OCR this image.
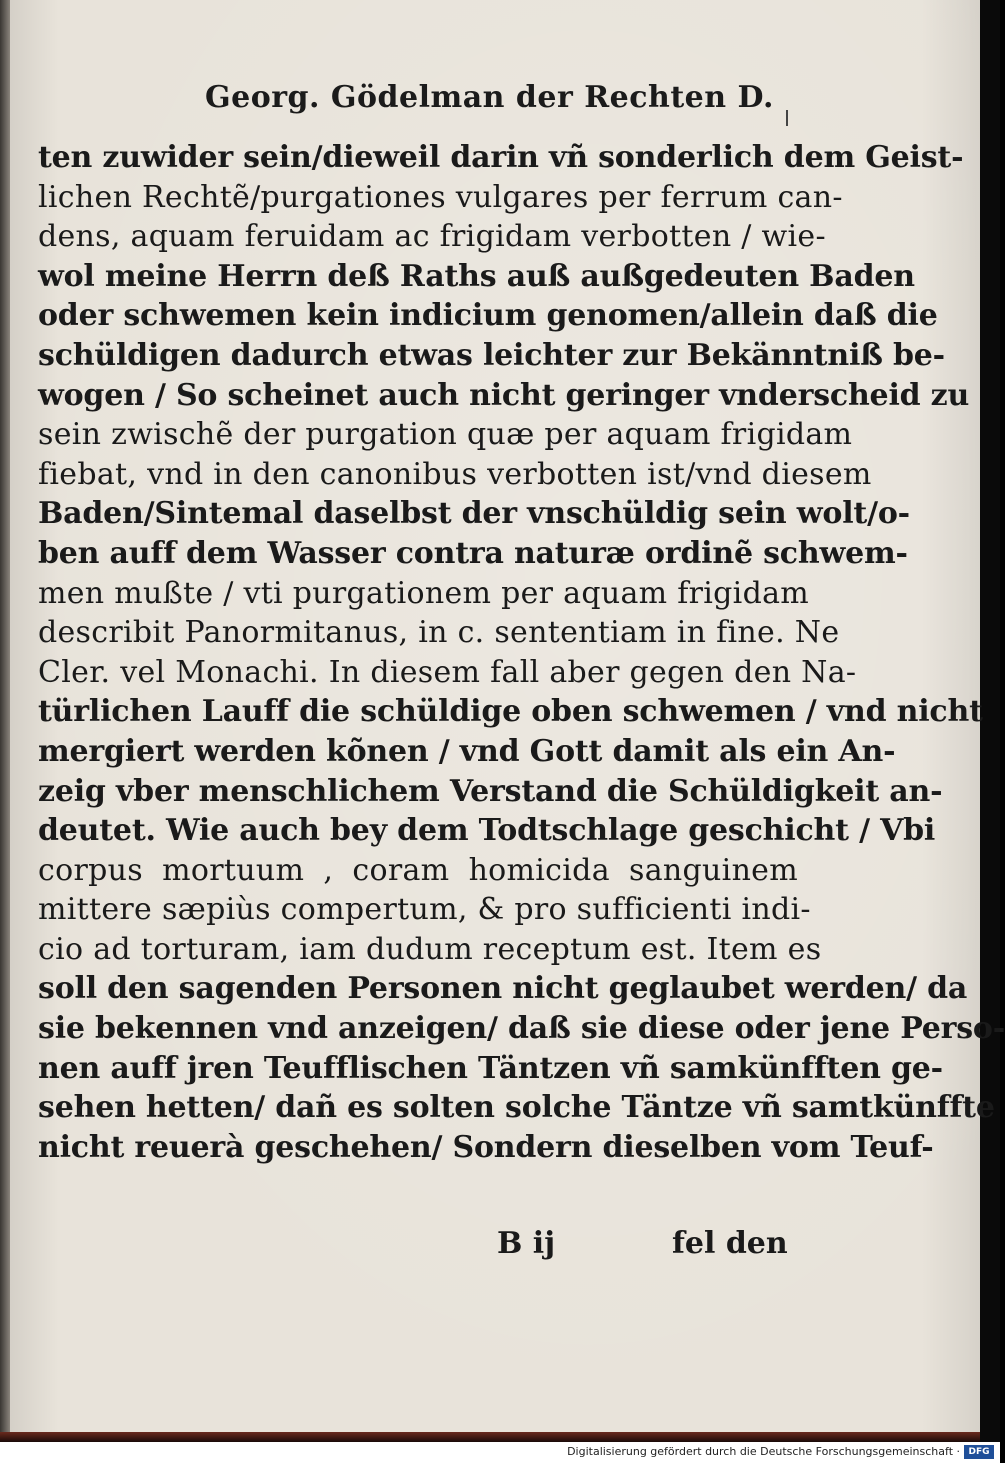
Georg. Gödelman der Rechten D.
ten zuwider sein/dieweil darin vñ sonderlich dem Geist-
lichen Rechtẽ/purgationes vulgares per ferrum can-
dens, aquam feruidam ac frigidam verbotten / wie-
wol meine Herrn deß Raths auß außgedeuten Baden
oder schwemen kein indicium genomen/allein daß die
schüldigen dadurch etwas leichter zur Bekänntniß be-
wogen / So scheinet auch nicht geringer vnderscheid zu
sein zwischẽ der purgation quæ per aquam frigidam
fiebat, vnd in den canonibus verbotten ist/vnd diesem
Baden/Sintemal daselbst der vnschüldig sein wolt/o-
ben auff dem Wasser contra naturæ ordinẽ schwem-
men mußte / vti purgationem per aquam frigidam
describit Panormitanus, in c. sententiam in fine. Ne
Cler. vel Monachi. In diesem fall aber gegen den Na-
türlichen Lauff die schüldige oben schwemen / vnd nicht
mergiert werden kõnen / vnd Gott damit als ein An-
zeig vber menschlichem Verstand die Schüldigkeit an-
deutet. Wie auch bey dem Todtschlage geschicht / Vbi
corpus mortuum , coram homicida sanguinem
mittere sæpiùs compertum, & pro sufficienti indi-
cio ad torturam, iam dudum receptum est. Item es
soll den sagenden Personen nicht geglaubet werden/ da
sie bekennen vnd anzeigen/ daß sie diese oder jene Perso-
nen auff jren Teufflischen Täntzen vñ samkünfften ge-
sehen hetten/ dañ es solten solche Täntze vñ samtkünffte
nicht reuerà geschehen/ Sondern dieselben vom Teuf-
B ij	fel den
Digitalisierung gefördert durch die Deutsche Forschungsgemeinschaft · DFG
